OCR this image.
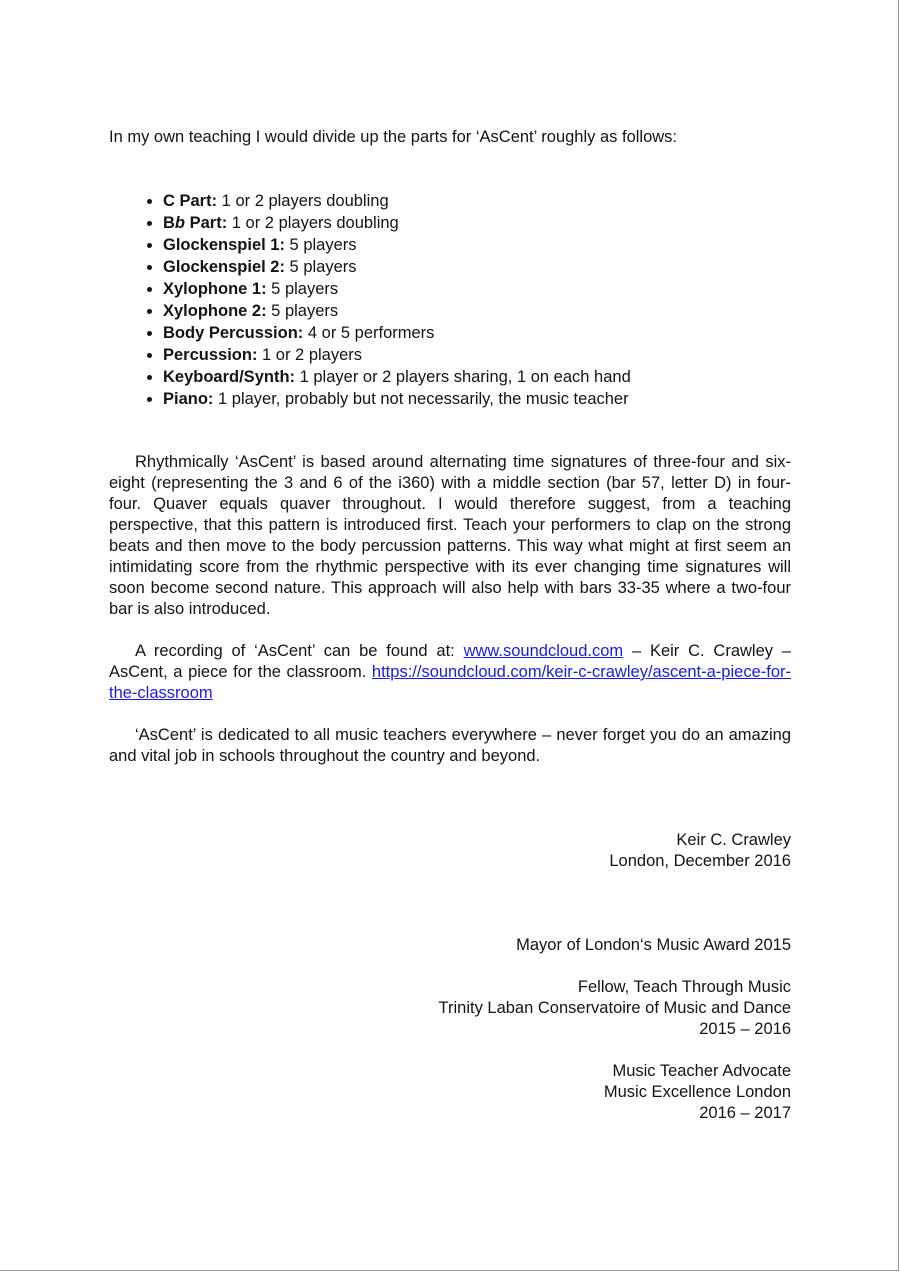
In my own teaching I would divide up the parts for ‘AsCent’ roughly as follows:

• C Part: 1 or 2 players doubling
• Bb Part: 1 or 2 players doubling
• Glockenspiel 1: 5 players
• Glockenspiel 2: 5 players
• Xylophone 1: 5 players
• Xylophone 2: 5 players
• Body Percussion: 4 or 5 performers
• Percussion: 1 or 2 players
• Keyboard/Synth: 1 player or 2 players sharing, 1 on each hand
• Piano: 1 player, probably but not necessarily, the music teacher

Rhythmically ‘AsCent’ is based around alternating time signatures of three-four and six-eight (representing the 3 and 6 of the i360) with a middle section (bar 57, letter D) in four-four. Quaver equals quaver throughout. I would therefore suggest, from a teaching perspective, that this pattern is introduced first. Teach your performers to clap on the strong beats and then move to the body percussion patterns. This way what might at first seem an intimidating score from the rhythmic perspective with its ever changing time signatures will soon become second nature. This approach will also help with bars 33-35 where a two-four bar is also introduced.

A recording of ‘AsCent’ can be found at: www.soundcloud.com – Keir C. Crawley – AsCent, a piece for the classroom. https://soundcloud.com/keir-c-crawley/ascent-a-piece-for-the-classroom

‘AsCent’ is dedicated to all music teachers everywhere – never forget you do an amazing and vital job in schools throughout the country and beyond.

Keir C. Crawley

London, December 2016

Mayor of London‘s Music Award 2015

Fellow, Teach Through Music

Trinity Laban Conservatoire of Music and Dance

2015 – 2016

Music Teacher Advocate

Music Excellence London

2016 – 2017
